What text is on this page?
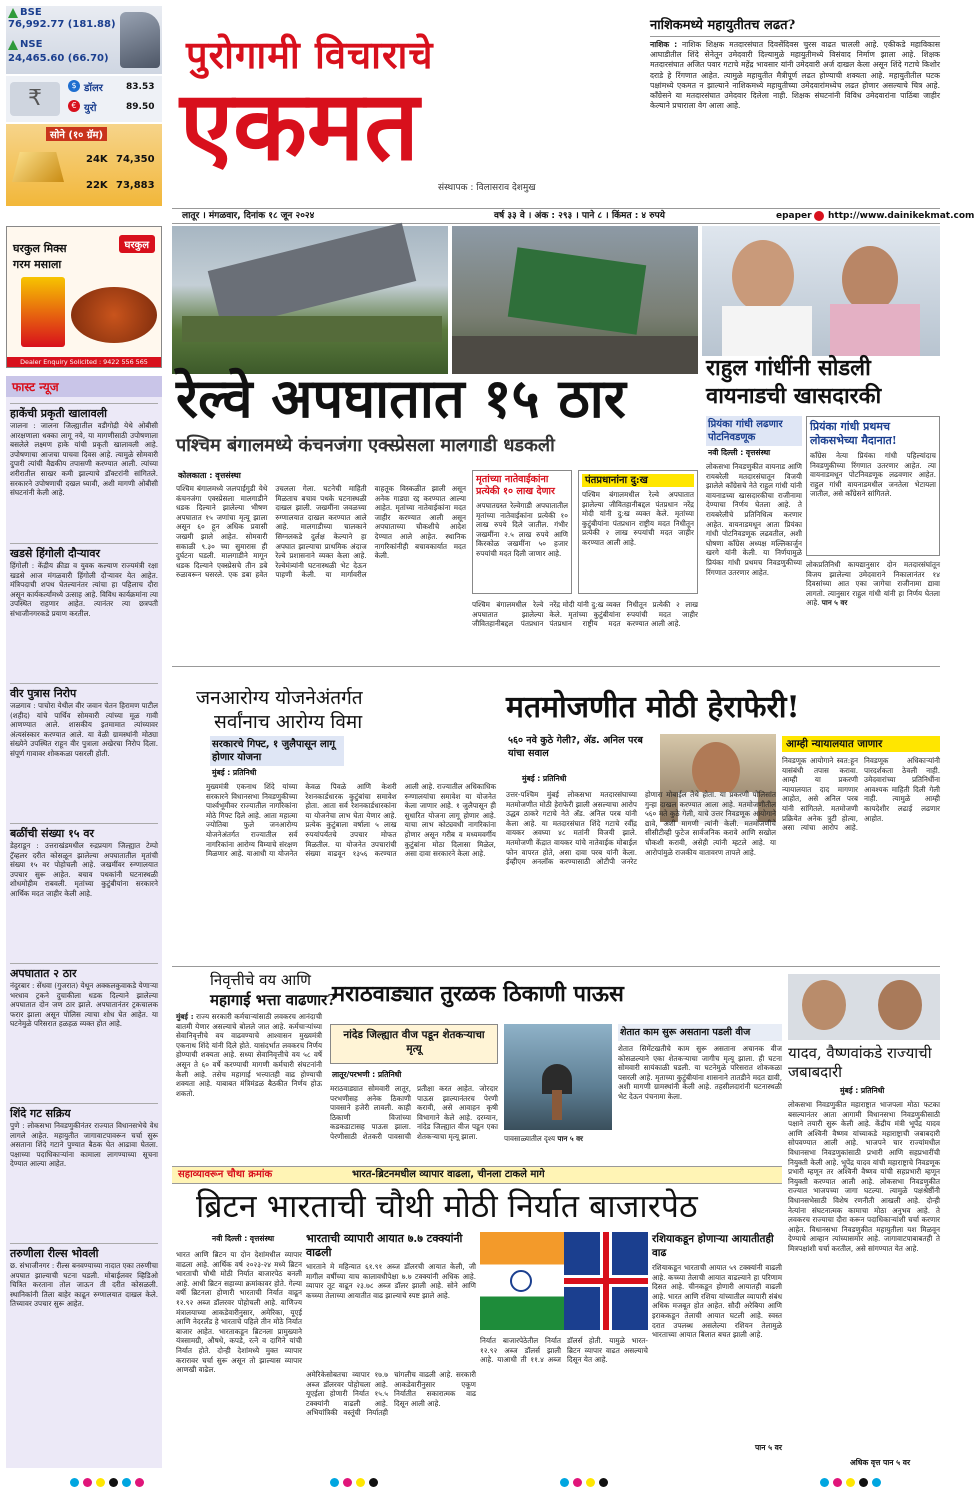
BSE
76,992.77 (181.88)
NSE
24,465.60 (66.70)
$ डॉलर	83.53
€ युरो	89.50
₹
सोने (१० ग्रॅम)
24K 74,350
22K 73,883
पुरोगामी विचाराचे
एकमत
संस्थापक : विलासराव देशमुख
नाशिकमध्ये महायुतीतच लढत?
नाशिक : नाशिक शिक्षक मतदारसंघात दिवसेंदिवस चुरस वाढत चालली आहे. एकीकडे महाविकास आघाडीतील शिंदे सेनेतून उमेदवारी दिल्यामुळे महायुतीमध्ये विसंवाद निर्माण झाला आहे. शिक्षक मतदारसंघात अजित पवार गटाचे महेंद्र भावसार यांनी उमेदवारी अर्ज दाखल केला असून शिंदे गटाचे किशोर दराडे हे रिंगणात आहेत. त्यामुळे महायुतीत मैत्रीपूर्ण लढत होण्याची शक्यता आहे. महायुतीतील घटक पक्षांमध्ये एकमत न झाल्याने नाशिकमध्ये महायुतीच्या उमेदवारांमध्येच लढत होणार असल्याचे चित्र आहे. काँग्रेसने या मतदारसंघात उमेदवार दिलेला नाही. शिक्षक संघटनांनी विविध उमेदवारांना पाठिंबा जाहीर केल्याने प्रचाराला वेग आला आहे.
लातूर । मंगळवार, दिनांक १८ जून २०२४	वर्ष ३३ वे । अंक : २९३ । पाने ८ । किंमत : ४ रुपये	epaper http://www.dainikekmat.com
घरकुल मिक्स
गरम मसाला
घरकुल
Dealer Enquiry Solicited : 9422 556 565
फास्ट न्यूज
हाकेंची प्रकृती खालावली
जालना : जालना जिल्ह्यातील वडीगोद्री येथे ओबीसी आरक्षणाला धक्का लागू नये, या मागणीसाठी उपोषणाला बसलेले लक्ष्मण हाके यांची प्रकृती खालावली आहे. उपोषणाचा आजचा पाचवा दिवस आहे. त्यामुळे सोमवारी दुपारी त्यांची वैद्यकीय तपासणी करण्यात आली. त्यांच्या शरीरातील साखर कमी झाल्याचे डॉक्टरांनी सांगितले. सरकारने उपोषणाची दखल घ्यावी, अशी मागणी ओबीसी संघटनांनी केली आहे.
खडसे हिंगोली दौऱ्यावर
हिंगोली : केंद्रीय क्रीडा व युवक कल्याण राज्यमंत्री रक्षा खडसे आज मंगळवारी हिंगोली दौऱ्यावर येत आहेत. मंत्रिपदाची शपथ घेतल्यानंतर त्यांचा हा पहिलाच दौरा असून कार्यकर्त्यांमध्ये उत्साह आहे. विविध कार्यक्रमांना त्या उपस्थित राहणार आहेत. त्यानंतर त्या छत्रपती संभाजीनगरकडे प्रयाण करतील.
वीर पुत्रास निरोप
जळगाव : पाचोरा येथील वीर जवान चेतन हिरामण पाटील (शहीद) यांचे पार्थिव सोमवारी त्यांच्या मूळ गावी आणण्यात आले. शासकीय इतमामात त्यांच्यावर अंत्यसंस्कार करण्यात आले. या वेळी ग्रामस्थांनी मोठ्या संख्येने उपस्थित राहून वीर पुत्राला अखेरचा निरोप दिला. संपूर्ण गावावर शोककळा पसरली होती.
बळींची संख्या १५ वर
डेहराडून : उत्तराखंडमधील रुद्रप्रयाग जिल्ह्यात टेम्पो ट्रॅव्हलर दरीत कोसळून झालेल्या अपघातातील मृतांची संख्या १५ वर पोहोचली आहे. जखमींवर रुग्णालयात उपचार सुरू आहेत. बचाव पथकांनी घटनास्थळी शोधमोहीम राबवली. मृतांच्या कुटुंबीयांना सरकारने आर्थिक मदत जाहीर केली आहे.
अपघातात २ ठार
नंदुरबार : सेंधवा (गुजरात) येथून अक्कलकुवाकडे येणाऱ्या भरधाव ट्रकने दुचाकीला धडक दिल्याने झालेल्या अपघातात दोन जण ठार झाले. अपघातानंतर ट्रकचालक फरार झाला असून पोलिस त्याचा शोध घेत आहेत. या घटनेमुळे परिसरात हळहळ व्यक्त होत आहे.
शिंदे गट सक्रिय
पुणे : लोकसभा निवडणुकीनंतर राज्यात विधानसभेचे वेध लागले आहेत. महायुतीत जागावाटपावरून चर्चा सुरू असताना शिंदे गटाने पुण्यात बैठक घेत आढावा घेतला. पक्षाच्या पदाधिकाऱ्यांना कामाला लागण्याच्या सूचना देण्यात आल्या आहेत.
तरुणीला रील्स भोवली
छ. संभाजीनगर : रील्स बनवण्याच्या नादात एका तरुणीचा अपघात झाल्याची घटना घडली. मोबाईलवर व्हिडिओ चित्रित करताना तोल जाऊन ती दरीत कोसळली. स्थानिकांनी तिला बाहेर काढून रुग्णालयात दाखल केले. तिच्यावर उपचार सुरू आहेत.
रेल्वे अपघातात १५ ठार
पश्चिम बंगालमध्ये कंचनजंगा एक्स्प्रेसला मालगाडी धडकली
कोलकाता : वृत्तसंस्था
पश्चिम बंगालमध्ये जलपाईगुडी येथे कंचनजंगा एक्स्प्रेसला मालगाडीने धडक दिल्याने झालेल्या भीषण अपघातात १५ जणांचा मृत्यू झाला असून ६० हून अधिक प्रवासी जखमी झाले आहेत. सोमवारी सकाळी ९.३० च्या सुमारास ही दुर्घटना घडली. मालगाडीने मागून धडक दिल्याने एक्स्प्रेसचे तीन डबे रुळावरून घसरले. एक डबा हवेत उचलला गेला. घटनेची माहिती मिळताच बचाव पथके घटनास्थळी दाखल झाली. जखमींना जवळच्या रुग्णालयात दाखल करण्यात आले आहे. मालगाडीच्या चालकाने सिग्नलकडे दुर्लक्ष केल्याने हा अपघात झाल्याचा प्राथमिक अंदाज रेल्वे प्रशासनाने व्यक्त केला आहे. रेल्वेमंत्र्यांनी घटनास्थळी भेट देऊन पाहणी केली. या मार्गावरील वाहतूक विस्कळीत झाली असून अनेक गाड्या रद्द करण्यात आल्या आहेत. मृतांच्या नातेवाईकांना मदत जाहीर करण्यात आली असून अपघाताच्या चौकशीचे आदेश देण्यात आले आहेत. स्थानिक नागरिकांनीही बचावकार्यात मदत केली.
मृतांच्या नातेवाईकांना प्रत्येकी १० लाख देणार
अपघातग्रस्त रेल्वेगाडी अपघातातील मृतांच्या नातेवाईकांना प्रत्येकी १० लाख रुपये दिले जातील. गंभीर जखमींना २.५ लाख रुपये आणि किरकोळ जखमींना ५० हजार रुपयांची मदत दिली जाणार आहे.
पंतप्रधानांना दु:ख
पश्चिम बंगालमधील रेल्वे अपघातात झालेल्या जीवितहानीबद्दल पंतप्रधान नरेंद्र मोदी यांनी दु:ख व्यक्त केले. मृतांच्या कुटुंबीयांना पंतप्रधान राष्ट्रीय मदत निधीतून प्रत्येकी २ लाख रुपयांची मदत जाहीर करण्यात आली आहे.
पश्चिम बंगालमधील रेल्वे अपघातात झालेल्या जीवितहानीबद्दल पंतप्रधान नरेंद्र मोदी यांनी दु:ख व्यक्त केले. मृतांच्या कुटुंबीयांना पंतप्रधान राष्ट्रीय मदत निधीतून प्रत्येकी २ लाख रुपयांची मदत जाहीर करण्यात आली आहे.
राहुल गांधींनी सोडली वायनाडची खासदारकी
प्रियंका गांधी लढणार पोटनिवडणूक
नवी दिल्ली : वृत्तसंस्था
लोकसभा निवडणुकीत वायनाड आणि रायबरेली मतदारसंघातून विजयी झालेले काँग्रेसचे नेते राहुल गांधी यांनी वायनाडच्या खासदारकीचा राजीनामा देण्याचा निर्णय घेतला आहे. ते रायबरेलीचे प्रतिनिधित्व करणार आहेत. वायनाडमधून आता प्रियंका गांधी पोटनिवडणूक लढवतील, अशी घोषणा काँग्रेस अध्यक्ष मल्लिकार्जुन खरगे यांनी केली. या निर्णयामुळे प्रियंका गांधी प्रथमच निवडणुकीच्या रिंगणात उतरणार आहेत.
प्रियंका गांधी प्रथमच लोकसभेच्या मैदानात!
काँग्रेस नेत्या प्रियंका गांधी पहिल्यांदाच निवडणुकीच्या रिंगणात उतरणार आहेत. त्या वायनाडमधून पोटनिवडणूक लढवणार आहेत. राहुल गांधी वायनाडमधील जनतेला भेटायला जातील, असे काँग्रेसने सांगितले.
लोकप्रतिनिधी कायद्यानुसार दोन मतदारसंघांतून विजय झालेल्या उमेदवाराने निकालानंतर १४ दिवसांच्या आत एका जागेचा राजीनामा द्यावा लागतो. त्यानुसार राहुल गांधी यांनी हा निर्णय घेतला आहे. पान ५ वर
जनआरोग्य योजनेअंतर्गत
सर्वांनाच आरोग्य विमा
सरकारचे गिफ्ट, १ जुलैपासून लागू होणार योजना
मुंबई : प्रतिनिधी
मुख्यमंत्री एकनाथ शिंदे यांच्या सरकारने विधानसभा निवडणुकीच्या पार्श्वभूमीवर राज्यातील नागरिकांना मोठे गिफ्ट दिले आहे. आता महात्मा ज्योतिबा फुले जनआरोग्य योजनेअंतर्गत राज्यातील सर्व नागरिकांना आरोग्य विम्याचे संरक्षण मिळणार आहे. याआधी या योजनेत केवळ पिवळे आणि केशरी रेशनकार्डधारक कुटुंबांचा समावेश होता. आता सर्व रेशनकार्डधारकांना या योजनेचा लाभ घेता येणार आहे. प्रत्येक कुटुंबाला वर्षाला ५ लाख रुपयांपर्यंतचे उपचार मोफत मिळतील. या योजनेत उपचारांची संख्या वाढवून १३५६ करण्यात आली आहे. राज्यातील अधिकाधिक रुग्णालयांचा समावेश या योजनेत केला जाणार आहे. १ जुलैपासून ही सुधारित योजना लागू होणार आहे. याचा लाभ कोट्यवधी नागरिकांना होणार असून गरीब व मध्यमवर्गीय कुटुंबांना मोठा दिलासा मिळेल, असा दावा सरकारने केला आहे.
मतमोजणीत मोठी हेराफेरी!
५६० नवे कुठे गेली?, अ‍ॅड. अनिल परब यांचा सवाल
मुंबई : प्रतिनिधी
उत्तर-पश्चिम मुंबई लोकसभा मतदारसंघाच्या मतमोजणीत मोठी हेराफेरी झाली असल्याचा आरोप उद्धव ठाकरे गटाचे नेते अ‍ॅड. अनिल परब यांनी केला आहे. या मतदारसंघात शिंदे गटाचे रवींद्र वायकर अवघ्या ४८ मतांनी विजयी झाले. मतमोजणी केंद्रात वायकर यांचे नातेवाईक मोबाईल फोन वापरत होते, असा दावा परब यांनी केला. ईव्हीएम अनलॉक करण्यासाठी ओटीपी जनरेट होणारा मोबाईल तेथे होता. या प्रकरणी पोलिसांत गुन्हा दाखल करण्यात आला आहे. मतमोजणीतील ५६० मते कुठे गेली, याचे उत्तर निवडणूक आयोगाने द्यावे, अशी मागणी त्यांनी केली. मतमोजणीचे सीसीटीव्ही फुटेज सार्वजनिक करावे आणि सखोल चौकशी करावी, असेही त्यांनी म्हटले आहे. या आरोपांमुळे राजकीय वातावरण तापले आहे.
आम्ही न्यायालयात जाणार
निवडणूक आयोगाने स्वत:हून यासंबंधी तपास करावा. आम्ही या प्रकरणी न्यायालयात दाद मागणार आहोत, असे अनिल परब यांनी सांगितले. मतमोजणी प्रक्रियेत अनेक त्रुटी होत्या, असा त्यांचा आरोप आहे. निवडणूक अधिकाऱ्यांनी पारदर्शकता ठेवली नाही. उमेदवारांच्या प्रतिनिधींना आवश्यक माहिती दिली गेली नाही. त्यामुळे आम्ही कायदेशीर लढाई लढणार आहोत.
निवृत्तीचे वय आणि
महागाई भत्ता वाढणार?
मुंबई : राज्य सरकारी कर्मचाऱ्यांसाठी लवकरच आनंदाची बातमी येणार असल्याचे बोलले जात आहे. कर्मचाऱ्यांच्या सेवानिवृत्तीचे वय वाढवण्याचे आश्वासन मुख्यमंत्री एकनाथ शिंदे यांनी दिले होते. यासंदर्भात लवकरच निर्णय होण्याची शक्यता आहे. सध्या सेवानिवृत्तीचे वय ५८ वर्षे असून ते ६० वर्षे करण्याची मागणी कर्मचारी संघटनांनी केली आहे. तसेच महागाई भत्त्यातही वाढ होण्याची शक्यता आहे. याबाबत मंत्रिमंडळ बैठकीत निर्णय होऊ शकतो.
मराठवाड्यात तुरळक ठिकाणी पाऊस
नांदेड जिल्ह्यात वीज पडून शेतकऱ्याचा मृत्यू
लातूर/परभणी : प्रतिनिधी
मराठवाड्यात सोमवारी लातूर, परभणीसह अनेक ठिकाणी पावसाने हजेरी लावली. काही ठिकाणी विजांच्या कडकडाटासह पाऊस झाला. पेरणीसाठी शेतकरी पावसाची प्रतीक्षा करत आहेत. जोरदार पाऊस झाल्यानंतरच पेरणी करावी, असे आवाहन कृषी विभागाने केले आहे. दरम्यान, नांदेड जिल्ह्यात वीज पडून एका शेतकऱ्याचा मृत्यू झाला.	पावसाळ्यातील दृश्य पान ५ वर
शेतात काम सुरू असताना पडली वीज
शेतात सिमेंटखतीचे काम सुरू असताना अचानक वीज कोसळल्याने एका शेतकऱ्याचा जागीच मृत्यू झाला. ही घटना सोमवारी सायंकाळी घडली. या घटनेमुळे परिसरात शोककळा पसरली आहे. मृताच्या कुटुंबीयांना शासनाने तातडीने मदत द्यावी, अशी मागणी ग्रामस्थांनी केली आहे. तहसीलदारांनी घटनास्थळी भेट देऊन पंचनामा केला.
यादव, वैष्णवांकडे राज्याची जबाबदारी
मुंबई : प्रतिनिधी
लोकसभा निवडणुकीत महाराष्ट्रात भाजपला मोठा फटका बसल्यानंतर आता आगामी विधानसभा निवडणुकीसाठी पक्षाने तयारी सुरू केली आहे. केंद्रीय मंत्री भूपेंद्र यादव आणि अश्विनी वैष्णव यांच्याकडे महाराष्ट्राची जबाबदारी सोपवण्यात आली आहे. भाजपने चार राज्यांमधील विधानसभा निवडणुकांसाठी प्रभारी आणि सहप्रभारींची नियुक्ती केली आहे. भूपेंद्र यादव यांची महाराष्ट्राचे निवडणूक प्रभारी म्हणून तर अश्विनी वैष्णव यांची सहप्रभारी म्हणून नियुक्ती करण्यात आली आहे. लोकसभा निवडणुकीत राज्यात भाजपच्या जागा घटल्या. त्यामुळे पक्षश्रेष्ठींनी विधानसभेसाठी विशेष रणनीती आखली आहे. दोन्ही नेत्यांना संघटनात्मक कामाचा मोठा अनुभव आहे. ते लवकरच राज्याचा दौरा करून पदाधिकाऱ्यांशी चर्चा करणार आहेत. विधानसभा निवडणुकीत महायुतीला यश मिळवून देण्याचे आव्हान त्यांच्यासमोर आहे. जागावाटपाबाबतही ते मित्रपक्षांशी चर्चा करतील, असे सांगण्यात येत आहे.
अधिक वृत्त पान ५ वर
सहाव्यावरून चौथा क्रमांक	भारत-ब्रिटनमधील व्यापार वाढला, चीनला टाकले मागे
ब्रिटन भारताची चौथी मोठी निर्यात बाजारपेठ
नवी दिल्ली : वृत्तसंस्था
भारत आणि ब्रिटन या दोन देशांमधील व्यापार वाढला आहे. आर्थिक वर्ष २०२३-२४ मध्ये ब्रिटन भारताची चौथी मोठी निर्यात बाजारपेठ बनली आहे. आधी ब्रिटन सहाव्या क्रमांकावर होते. गेल्या वर्षी ब्रिटनला होणारी भारताची निर्यात वाढून १२.९२ अब्ज डॉलरवर पोहोचली आहे. वाणिज्य मंत्रालयाच्या आकडेवारीनुसार, अमेरिका, यूएई आणि नेदरलँड हे भारताचे पहिले तीन मोठे निर्यात बाजार आहेत. भारताकडून ब्रिटनला प्रामुख्याने यंत्रसामग्री, औषधे, कपडे, रत्ने व दागिने यांची निर्यात होते. दोन्ही देशांमध्ये मुक्त व्यापार करारावर चर्चा सुरू असून तो झाल्यास व्यापार आणखी वाढेल.
भारताची व्यापारी आयात ७.७ टक्क्यांनी वाढली
भारताने मे महिन्यात ६१.९१ अब्ज डॉलरची आयात केली, जी मागील वर्षीच्या याच कालावधीपेक्षा ७.७ टक्क्यांनी अधिक आहे. व्यापार तूट वाढून २३.७८ अब्ज डॉलर झाली आहे. सोने आणि कच्च्या तेलाच्या आयातीत वाढ झाल्याचे स्पष्ट झाले आहे.
अमेरिकेसोबतचा व्यापार १७.७ अब्ज डॉलरवर पोहोचला आहे. यूएईला होणारी निर्यात १५.५ टक्क्यांनी वाढली आहे. अभियांत्रिकी वस्तूंची निर्यातही चांगलीच वाढली आहे. सरकारी आकडेवारीनुसार एकूण निर्यातीत सकारात्मक वाढ दिसून आली आहे.
निर्यात बाजारपेठेतील निर्यात १२.९२ अब्ज डॉलर्स झाली आहे. याआधी ती ११.४ अब्ज डॉलर्स होती. यामुळे भारत-ब्रिटन व्यापार वाढत असल्याचे दिसून येत आहे.
रशियाकडून होणाऱ्या आयातीतही वाढ
रशियाकडून भारताची आयात ५९ टक्क्यांनी वाढली आहे. कच्च्या तेलाची आयात वाढल्याने हा परिणाम दिसत आहे. चीनकडून होणारी आयातही वाढली आहे. भारत आणि रशिया यांच्यातील व्यापारी संबंध अधिक मजबूत होत आहेत. सौदी अरेबिया आणि इराककडून तेलाची आयात घटली आहे. स्वस्त दरात उपलब्ध असलेल्या रशियन तेलामुळे भारताच्या आयात बिलात बचत झाली आहे.
पान ५ वर
